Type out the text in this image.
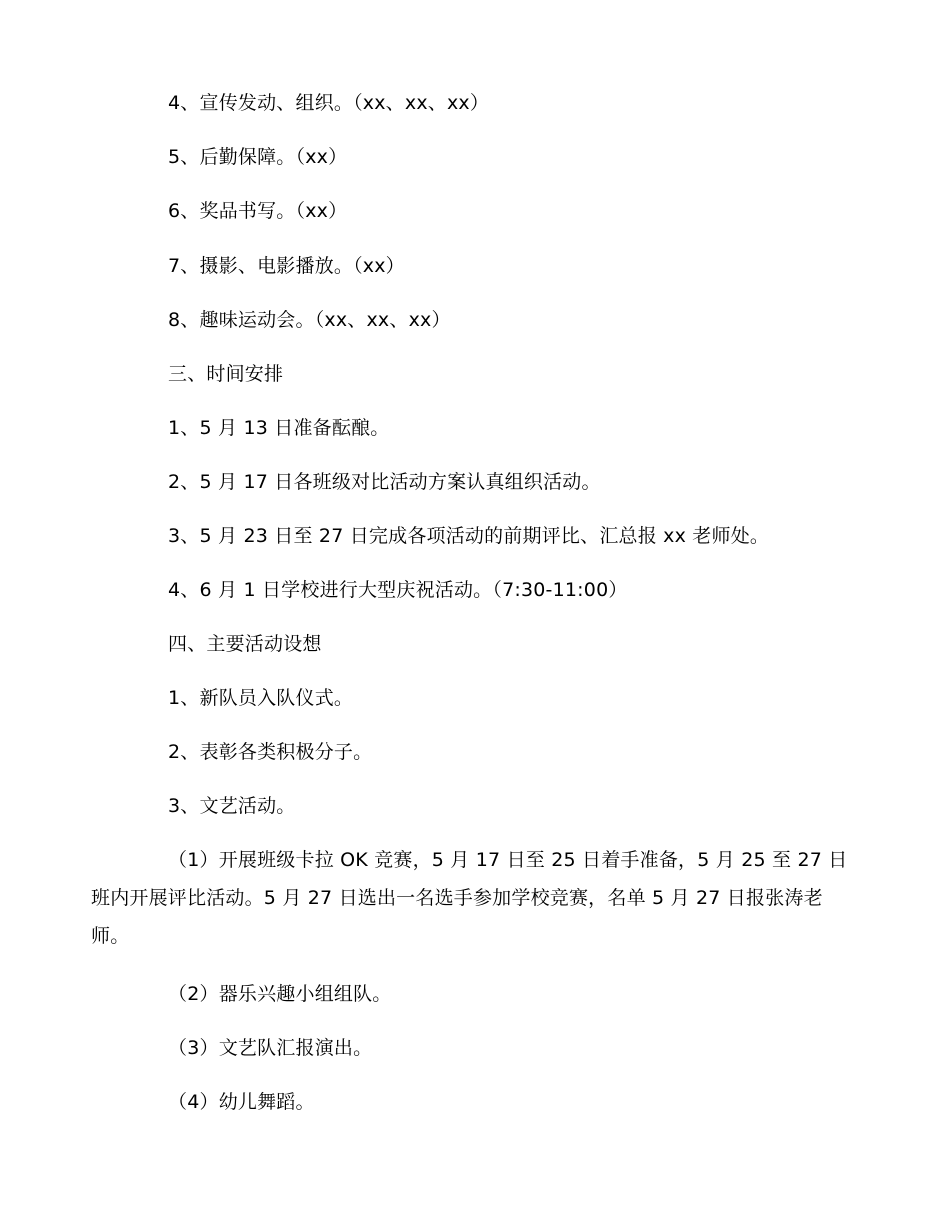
4、宣传发动、组织。（xx、xx、xx）
5、后勤保障。（xx）
6、奖品书写。（xx）
7、摄影、电影播放。（xx）
8、趣味运动会。（xx、xx、xx）
三、时间安排
1、5 月 13 日准备酝酿。
2、5 月 17 日各班级对比活动方案认真组织活动。
3、5 月 23 日至 27 日完成各项活动的前期评比、汇总报 xx 老师处。
4、6 月 1 日学校进行大型庆祝活动。（7:30-11:00）
四、主要活动设想
1、新队员入队仪式。
2、表彰各类积极分子。
3、文艺活动。
（1）开展班级卡拉 OK 竞赛，5 月 17 日至 25 日着手准备，5 月 25 至 27 日
班内开展评比活动。5 月 27 日选出一名选手参加学校竞赛，名单 5 月 27 日报张涛老
师。
（2）器乐兴趣小组组队。
（3）文艺队汇报演出。
（4）幼儿舞蹈。
